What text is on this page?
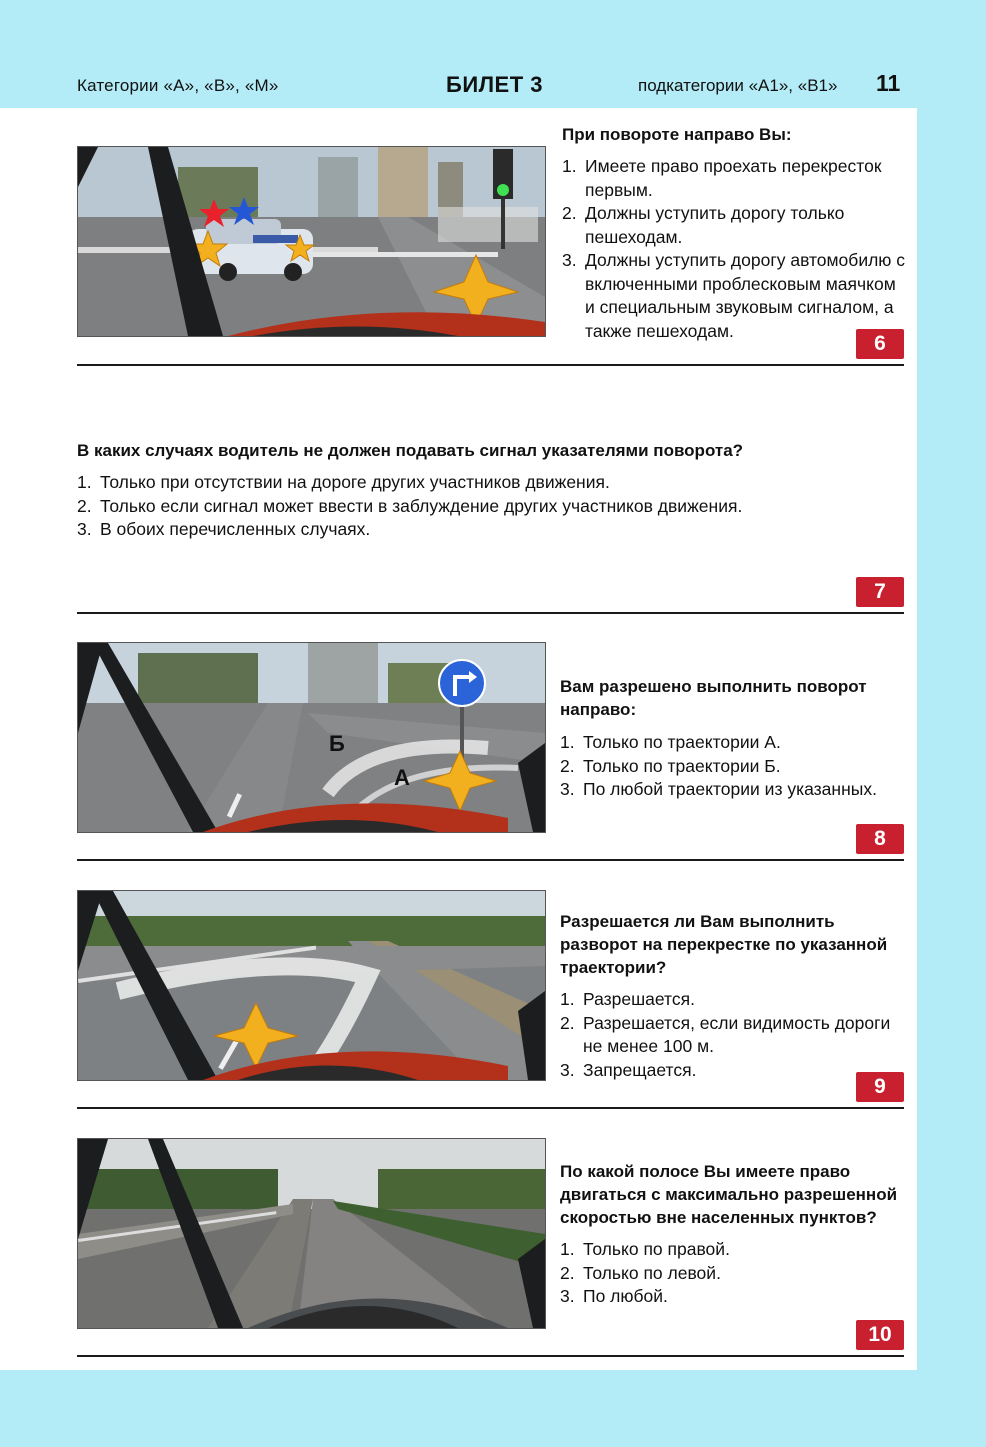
Категории «А», «В», «М»	БИЛЕТ 3	подкатегории «А1», «В1» 11
При повороте направо Вы:
1. Имеете право проехать перекресток первым.
2. Должны уступить дорогу только пешеходам.
3. Должны уступить дорогу автомобилю с включенными проблесковым маячком и специальным звуковым сигналом, а также пешеходам.
6
В каких случаях водитель не должен подавать сигнал указателями поворота?
1. Только при отсутствии на дороге других участников движения.
2. Только если сигнал может ввести в заблуждение других участников движения.
3. В обоих перечисленных случаях.
7
Б
А
Вам разрешено выполнить поворот направо:
1. Только по траектории А.
2. Только по траектории Б.
3. По любой траектории из указанных.
8
Разрешается ли Вам выполнить разворот на перекрестке по указанной траектории?
1. Разрешается.
2. Разрешается, если видимость дороги не менее 100 м.
3. Запрещается.
9
По какой полосе Вы имеете право двигаться с максимально разрешенной скоростью вне населенных пунктов?
1. Только по правой.
2. Только по левой.
3. По любой.
10
